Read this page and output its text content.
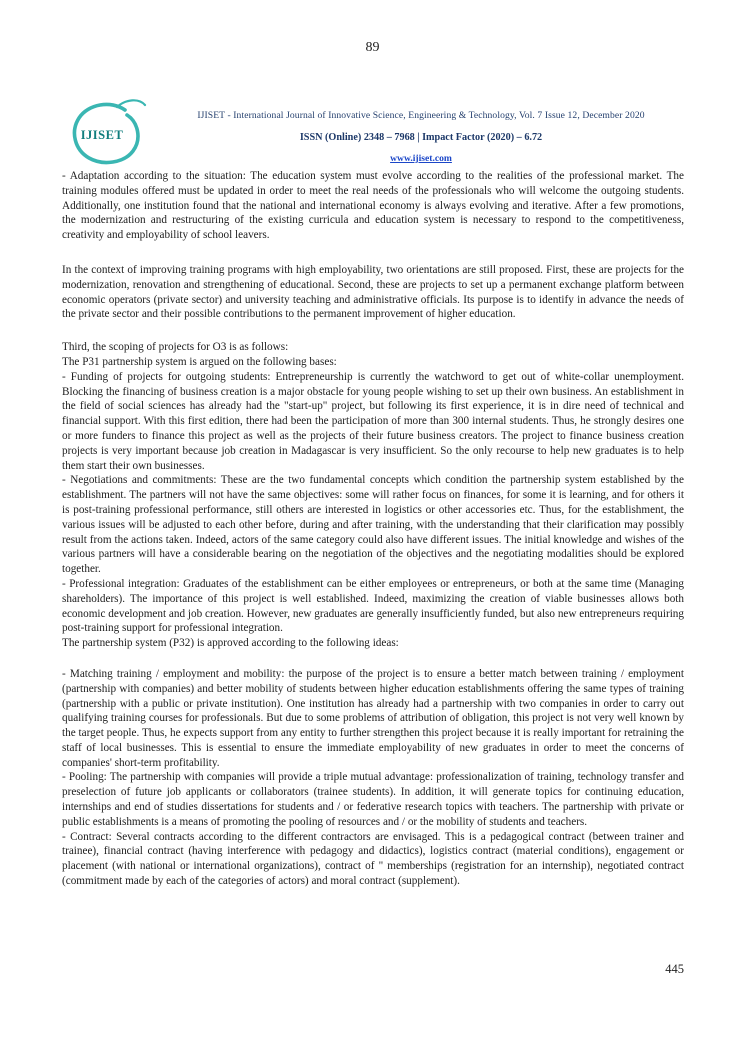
89
IJISET
IJISET - International Journal of Innovative Science, Engineering & Technology, Vol. 7 Issue 12, December 2020
ISSN (Online) 2348 – 7968 | Impact Factor (2020) – 6.72
www.ijiset.com

- Adaptation according to the situation: The education system must evolve according to the realities of the professional market. The training modules offered must be updated in order to meet the real needs of the professionals who will welcome the outgoing students. Additionally, one institution found that the national and international economy is always evolving and iterative. After a few promotions, the modernization and restructuring of the existing curricula and education system is necessary to respond to the competitiveness, creativity and employability of school leavers.

In the context of improving training programs with high employability, two orientations are still proposed. First, these are projects for the modernization, renovation and strengthening of educational. Second, these are projects to set up a permanent exchange platform between economic operators (private sector) and university teaching and administrative officials. Its purpose is to identify in advance the needs of the private sector and their possible contributions to the permanent improvement of higher education.

Third, the scoping of projects for O3 is as follows:

The P31 partnership system is argued on the following bases:

- Funding of projects for outgoing students: Entrepreneurship is currently the watchword to get out of white-collar unemployment. Blocking the financing of business creation is a major obstacle for young people wishing to set up their own business. An establishment in the field of social sciences has already had the "start-up" project, but following its first experience, it is in dire need of technical and financial support. With this first edition, there had been the participation of more than 300 internal students. Thus, he strongly desires one or more funders to finance this project as well as the projects of their future business creators. The project to finance business creation projects is very important because job creation in Madagascar is very insufficient. So the only recourse to help new graduates is to help them start their own businesses.

- Negotiations and commitments: These are the two fundamental concepts which condition the partnership system established by the establishment. The partners will not have the same objectives: some will rather focus on finances, for some it is learning, and for others it is post-training professional performance, still others are interested in logistics or other accessories etc. Thus, for the establishment, the various issues will be adjusted to each other before, during and after training, with the understanding that their clarification may possibly result from the actions taken. Indeed, actors of the same category could also have different issues. The initial knowledge and wishes of the various partners will have a considerable bearing on the negotiation of the objectives and the negotiating modalities should be explored together.

- Professional integration: Graduates of the establishment can be either employees or entrepreneurs, or both at the same time (Managing shareholders). The importance of this project is well established. Indeed, maximizing the creation of viable businesses allows both economic development and job creation. However, new graduates are generally insufficiently funded, but also new entrepreneurs requiring post-training support for professional integration.

The partnership system (P32) is approved according to the following ideas:

- Matching training / employment and mobility: the purpose of the project is to ensure a better match between training / employment (partnership with companies) and better mobility of students between higher education establishments offering the same types of training (partnership with a public or private institution). One institution has already had a partnership with two companies in order to carry out qualifying training courses for professionals. But due to some problems of attribution of obligation, this project is not very well known by the target people. Thus, he expects support from any entity to further strengthen this project because it is really important for retraining the staff of local businesses. This is essential to ensure the immediate employability of new graduates in order to meet the concerns of companies' short-term profitability.

- Pooling: The partnership with companies will provide a triple mutual advantage: professionalization of training, technology transfer and preselection of future job applicants or collaborators (trainee students). In addition, it will generate topics for continuing education, internships and end of studies dissertations for students and / or federative research topics with teachers. The partnership with private or public establishments is a means of promoting the pooling of resources and / or the mobility of students and teachers.

- Contract: Several contracts according to the different contractors are envisaged. This is a pedagogical contract (between trainer and trainee), financial contract (having interference with pedagogy and didactics), logistics contract (material conditions), engagement or placement (with national or international organizations), contract of " memberships (registration for an internship), negotiated contract (commitment made by each of the categories of actors) and moral contract (supplement).

445
